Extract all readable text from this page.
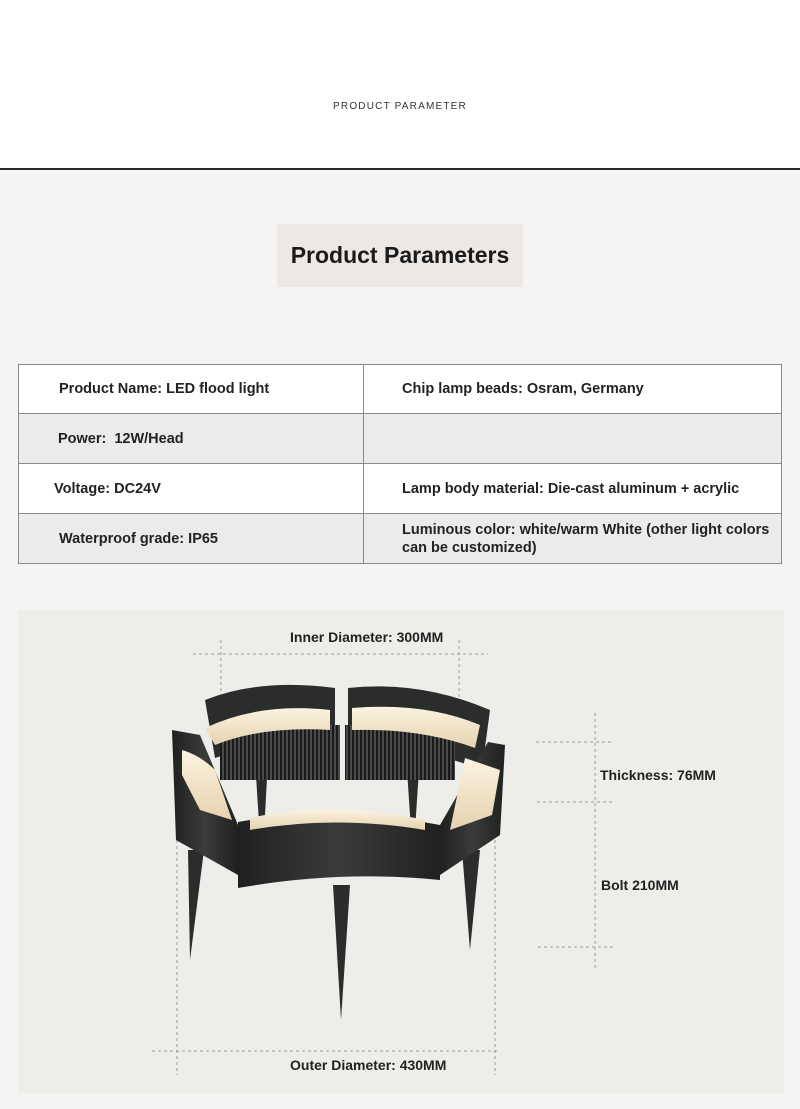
PRODUCT PARAMETER
Product Parameters
Product Name: LED flood light	Chip lamp beads: Osram, Germany
Power: 12W/Head
Voltage: DC24V	Lamp body material: Die-cast aluminum + acrylic
Waterproof grade: IP65
Luminous color: white/warm White (other light colors can be customized)
Inner Diameter: 300MM
Thickness: 76MM
Bolt 210MM
Outer Diameter: 430MM
